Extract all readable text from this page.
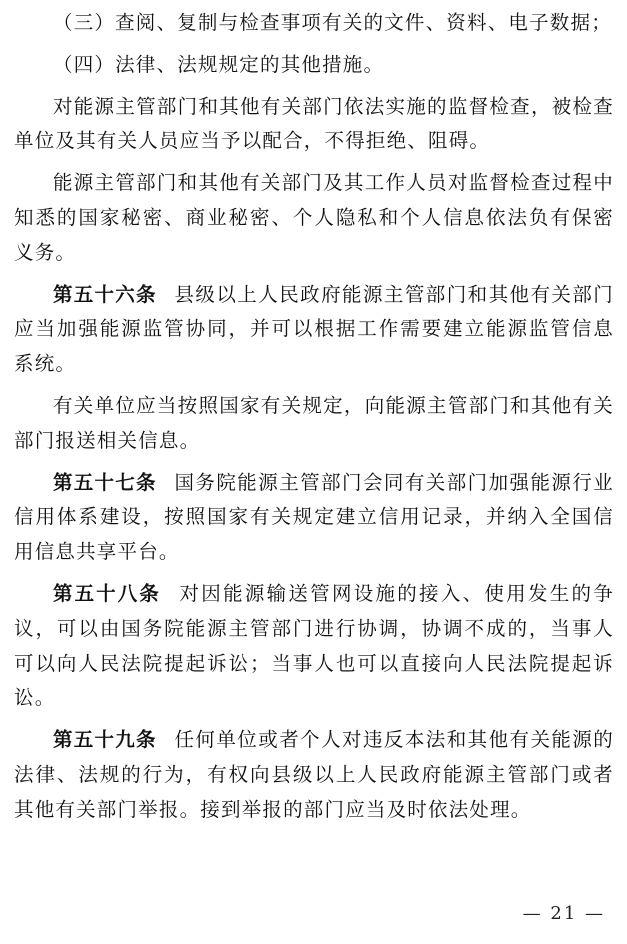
（三）查阅、复制与检查事项有关的文件、资料、电子数据；

（四）法律、法规规定的其他措施。

对能源主管部门和其他有关部门依法实施的监督检查，被检查单位及其有关人员应当予以配合，不得拒绝、阻碍。

能源主管部门和其他有关部门及其工作人员对监督检查过程中知悉的国家秘密、商业秘密、个人隐私和个人信息依法负有保密义务。

第五十六条 县级以上人民政府能源主管部门和其他有关部门应当加强能源监管协同，并可以根据工作需要建立能源监管信息系统。

有关单位应当按照国家有关规定，向能源主管部门和其他有关部门报送相关信息。

第五十七条 国务院能源主管部门会同有关部门加强能源行业信用体系建设，按照国家有关规定建立信用记录，并纳入全国信用信息共享平台。

第五十八条 对因能源输送管网设施的接入、使用发生的争议，可以由国务院能源主管部门进行协调，协调不成的，当事人可以向人民法院提起诉讼；当事人也可以直接向人民法院提起诉讼。

第五十九条 任何单位或者个人对违反本法和其他有关能源的法律、法规的行为，有权向县级以上人民政府能源主管部门或者其他有关部门举报。接到举报的部门应当及时依法处理。

— 21 —
